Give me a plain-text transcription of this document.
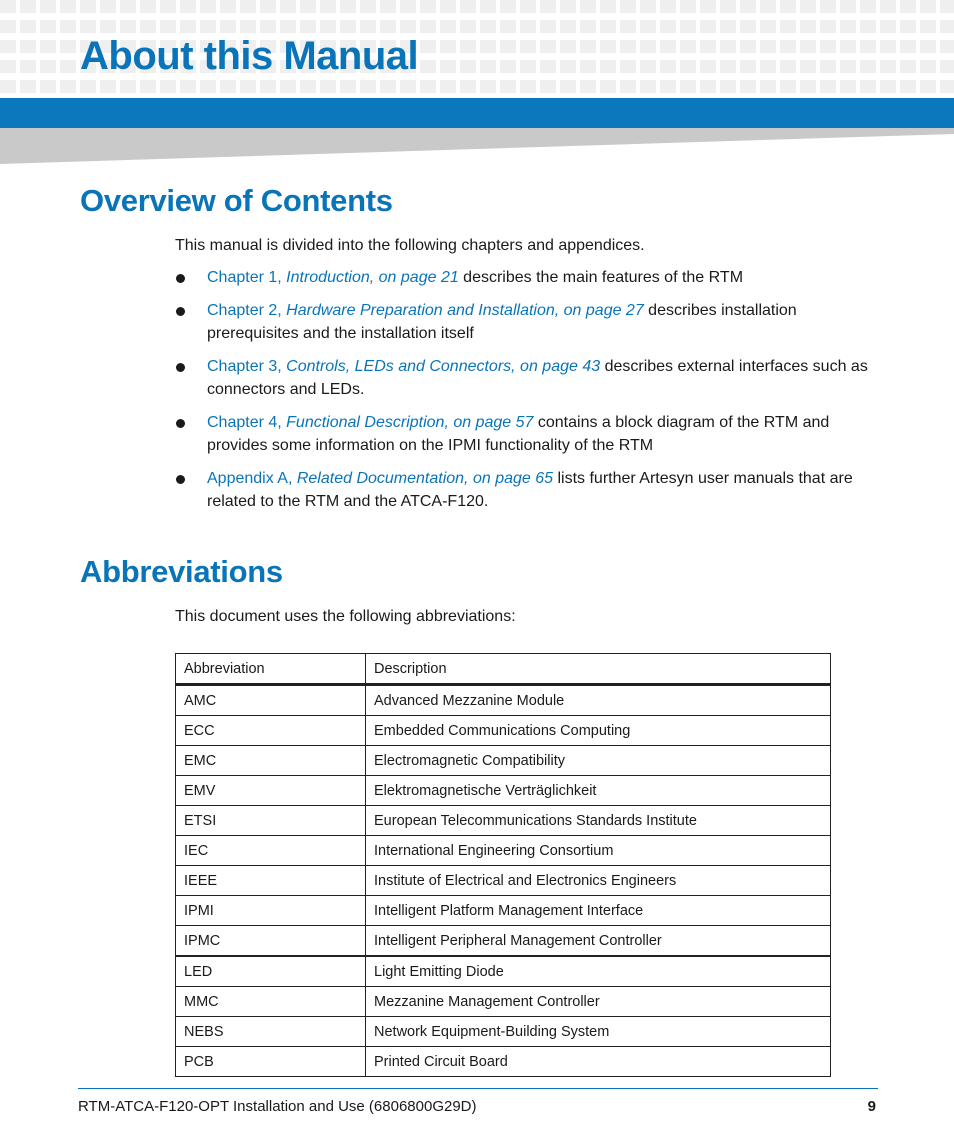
About this Manual
Overview of Contents

This manual is divided into the following chapters and appendices.

Chapter 1, Introduction, on page 21 describes the main features of the RTM
Chapter 2, Hardware Preparation and Installation, on page 27 describes installation prerequisites and the installation itself
Chapter 3, Controls, LEDs and Connectors, on page 43 describes external interfaces such as connectors and LEDs.
Chapter 4, Functional Description, on page 57 contains a block diagram of the RTM and provides some information on the IPMI functionality of the RTM
Appendix A, Related Documentation, on page 65 lists further Artesyn user manuals that are related to the RTM and the ATCA-F120.
Abbreviations

This document uses the following abbreviations:

Abbreviation	Description
AMC	Advanced Mezzanine Module
ECC	Embedded Communications Computing
EMC	Electromagnetic Compatibility
EMV	Elektromagnetische Verträglichkeit
ETSI	European Telecommunications Standards Institute
IEC	International Engineering Consortium
IEEE	Institute of Electrical and Electronics Engineers
IPMI	Intelligent Platform Management Interface
IPMC	Intelligent Peripheral Management Controller
LED	Light Emitting Diode
MMC	Mezzanine Management Controller
NEBS	Network Equipment-Building System
PCB	Printed Circuit Board
RTM-ATCA-F120-OPT Installation and Use (6806800G29D)	9
